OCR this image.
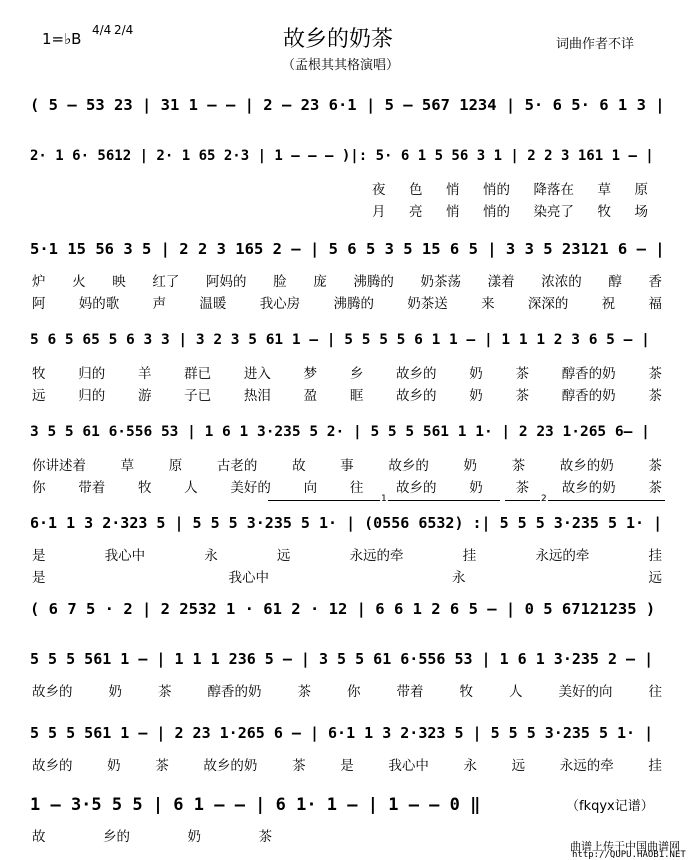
1=♭B 4/4 2/4	故乡的奶茶
（孟根其其格演唱）
词曲作者不详
( 5 – 53 23 | 31 1 – – | 2 – 23 6·1 | 5 – 567 1234 | 5· 6 5· 6 1 3 |
2· 1 6· 5612 | 2· 1 65 2·3 | 1 – – – )|: 5· 6 1 5 56 3 1 | 2 2 3 161 1 – |
夜 色 悄 悄的 降落在 草 原
月 亮 悄 悄的 染亮了 牧 场
5·1 15 56 3 5 | 2 2 3 165 2 – | 5 6 5 3 5 15 6 5 | 3 3 5 23121 6 – |
炉 火 映 红了 阿妈的 脸 庞 沸腾的 奶茶荡 漾着 浓浓的 醇 香
阿 妈的歌 声 温暖 我心房 沸腾的 奶茶送 来 深深的 祝 福
5 6 5 65 5 6 3 3 | 3 2 3 5 61 1 – | 5 5 5 5 6 1 1 – | 1 1 1 2 3 6 5 – |
牧 归的 羊 群已 进入 梦 乡 故乡的 奶 茶 醇香的奶 茶
远 归的 游 子已 热泪 盈 眶 故乡的 奶 茶 醇香的奶 茶
3 5 5 61 6·556 53 | 1 6 1 3·235 5 2· | 5 5 5 561 1 1· | 2 23 1·265 6– |
你讲述着	草	原	古老的	故	事	故乡的	奶	茶	故乡的奶	茶
你 带着 牧 人 美好的 向 往 故乡的 奶 茶 故乡的奶 茶
6·1 1 3 2·323 5 | 5 5 5 3·235 5 1· | (0556 6532) :| 5 5 5 3·235 5 1· |
是	我心中	永	远	永远的牵	挂	永远的牵	挂
是	我心中	永	远
1	2
( 6 7 5 · 2 | 2 2532 1 · 61 2 · 12 | 6 6 1 2 6 5 – | 0 5 67121235 )
5 5 5 561 1 – | 1 1 1 236 5 – | 3 5 5 61 6·556 53 | 1 6 1 3·235 2 – |
故乡的	奶	茶	醇香的奶	茶	你	带着	牧	人	美好的向	往
5 5 5 561 1 – | 2 23 1·265 6 – | 6·1 1 3 2·323 5 | 5 5 5 3·235 5 1· |
故乡的	奶	茶	故乡的奶	茶	是	我心中	永	远	永远的牵	挂
1 – 3·5 5 5 | 6 1 – – | 6 1· 1 – | 1 – – 0 ‖
故	乡的	奶	茶
（fkqyx记谱）
曲谱上传于中国曲谱网
http://QUPU.HAOB1.NET
